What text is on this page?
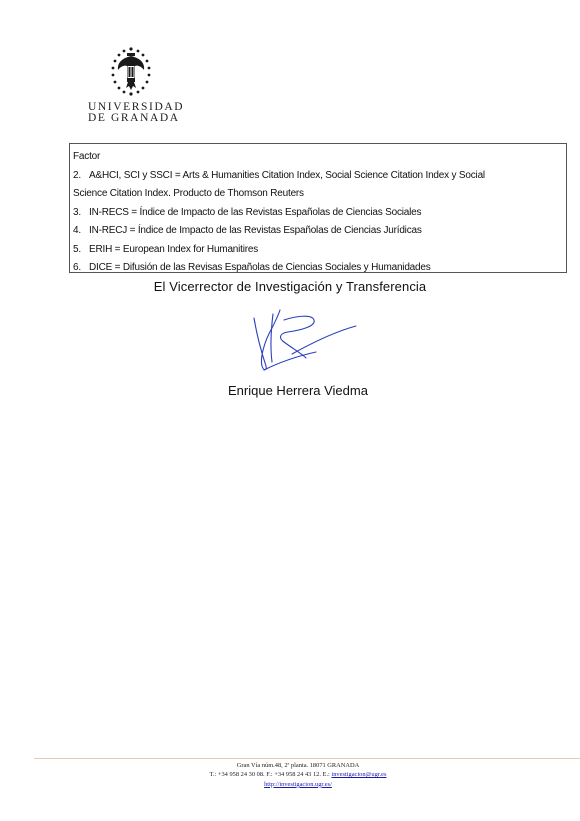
UNIVERSIDAD
DE GRANADA
Factor
2. A&HCI, SCI y SSCI = Arts & Humanities Citation Index, Social Science Citation Index y Social
Science Citation Index. Producto de Thomson Reuters
3. IN-RECS = Índice de Impacto de las Revistas Españolas de Ciencias Sociales
4. IN-RECJ = Índice de Impacto de las Revistas Españolas de Ciencias Jurídicas
5. ERIH = European Index for Humanitires
6. DICE = Difusión de las Revisas Españolas de Ciencias Sociales y Humanidades
El Vicerrector de Investigación y Transferencia
Enrique Herrera Viedma
Gran Vía núm.48, 2ª planta. 18071 GRANADA
T.: +34 958 24 30 08. F.: +34 958 24 43 12. E.: investigacion@ugr.es
http://investigacion.ugr.es/
